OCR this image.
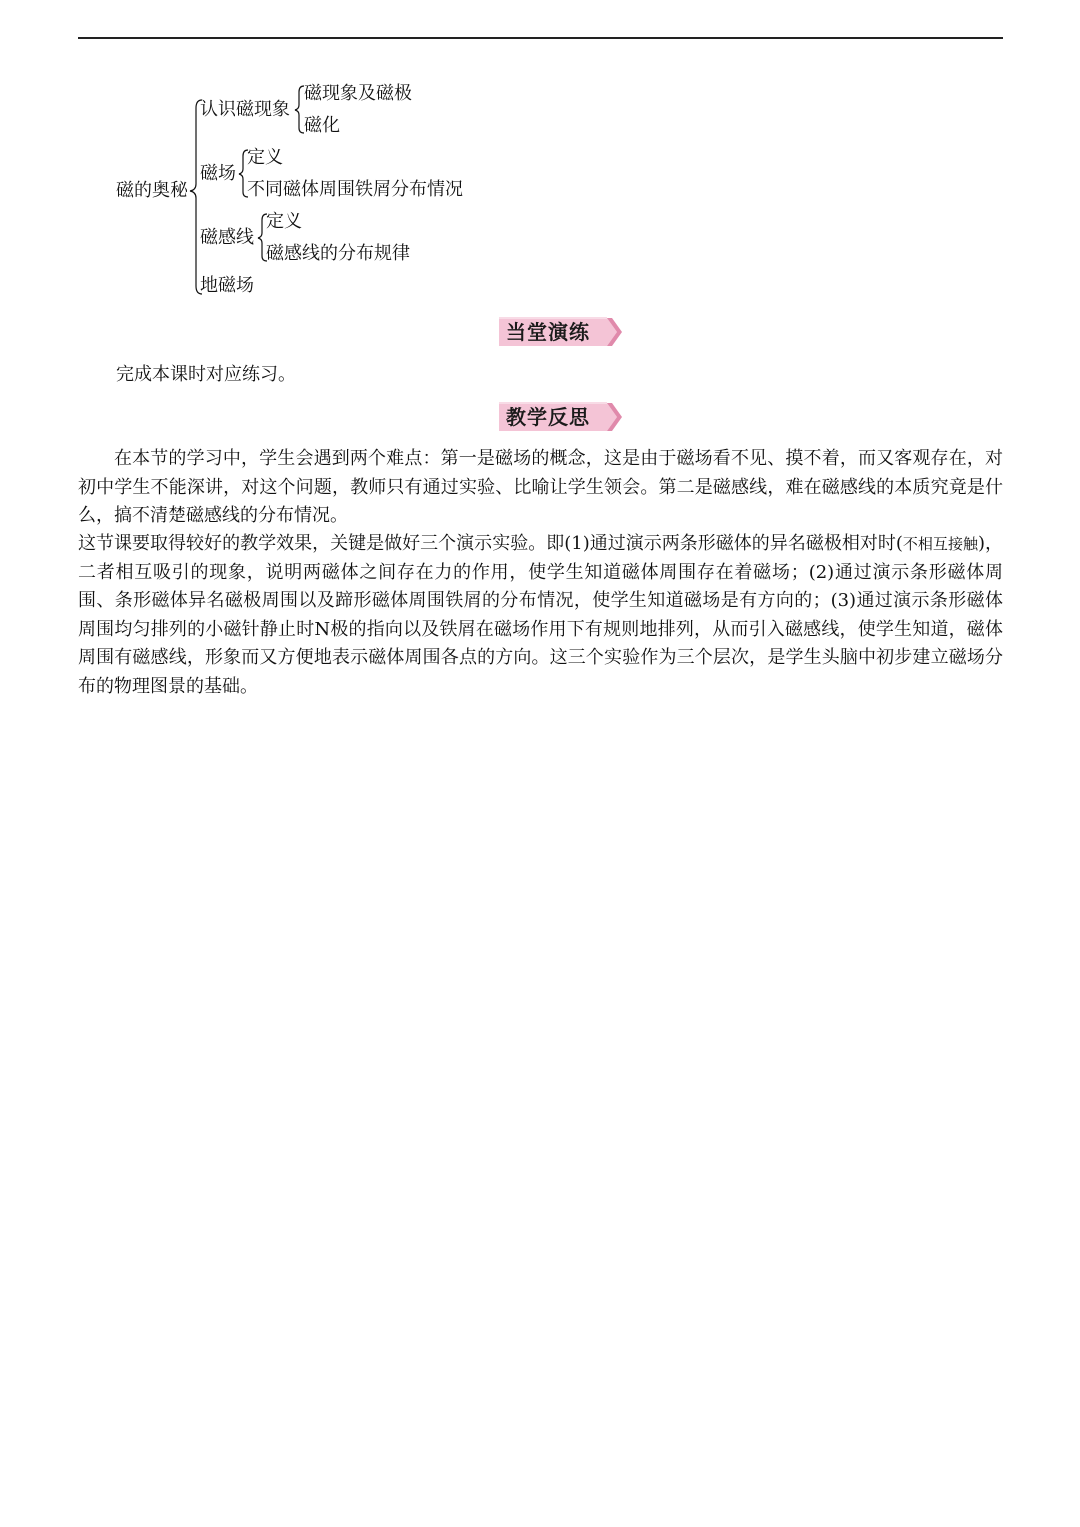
磁的奥秘
认识磁现象
磁现象及磁极
磁化
磁场
定义
不同磁体周围铁屑分布情况
磁感线
定义
磁感线的分布规律
地磁场
当堂演练
完成本课时对应练习。
教学反思

在本节的学习中，学生会遇到两个难点：第一是磁场的概念，这是由于磁场看不见、摸不着，而又客观存在，对初中学生不能深讲，对这个问题，教师只有通过实验、比喻让学生领会。第二是磁感线，难在磁感线的本质究竟是什么，搞不清楚磁感线的分布情况。

这节课要取得较好的教学效果，关键是做好三个演示实验。即(1)通过演示两条形磁体的异名磁极相对时(不相互接触)，二者相互吸引的现象，说明两磁体之间存在力的作用，使学生知道磁体周围存在着磁场；(2)通过演示条形磁体周围、条形磁体异名磁极周围以及蹄形磁体周围铁屑的分布情况，使学生知道磁场是有方向的；(3)通过演示条形磁体周围均匀排列的小磁针静止时N极的指向以及铁屑在磁场作用下有规则地排列，从而引入磁感线，使学生知道，磁体周围有磁感线，形象而又方便地表示磁体周围各点的方向。这三个实验作为三个层次，是学生头脑中初步建立磁场分布的物理图景的基础。
